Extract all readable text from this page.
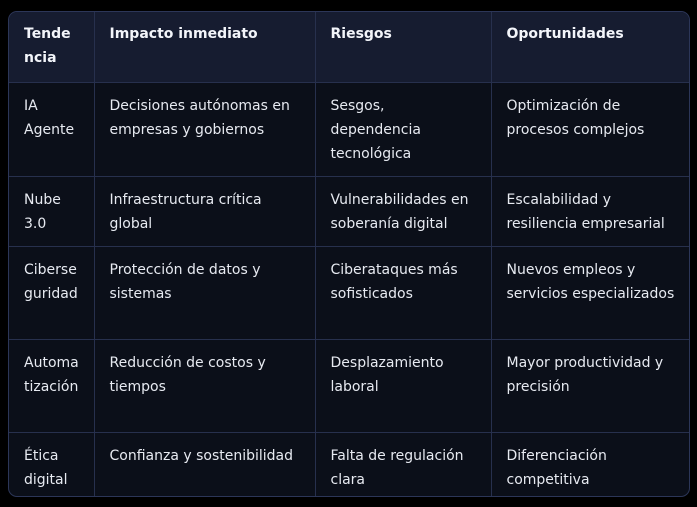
Tendencia	Impacto inmediato	Riesgos	Oportunidades
IA Agente	Decisiones autónomas en empresas y gobiernos	Sesgos, dependencia tecnológica	Optimización de procesos complejos
Nube 3.0	Infraestructura crítica global	Vulnerabilidades en soberanía digital	Escalabilidad y resiliencia empresarial
Ciberseguridad	Protección de datos y sistemas	Ciberataques más sofisticados	Nuevos empleos y servicios especializados
Automatización	Reducción de costos y tiempos	Desplazamiento laboral	Mayor productividad y precisión
Ética digital	Confianza y sostenibilidad	Falta de regulación clara	Diferenciación competitiva
